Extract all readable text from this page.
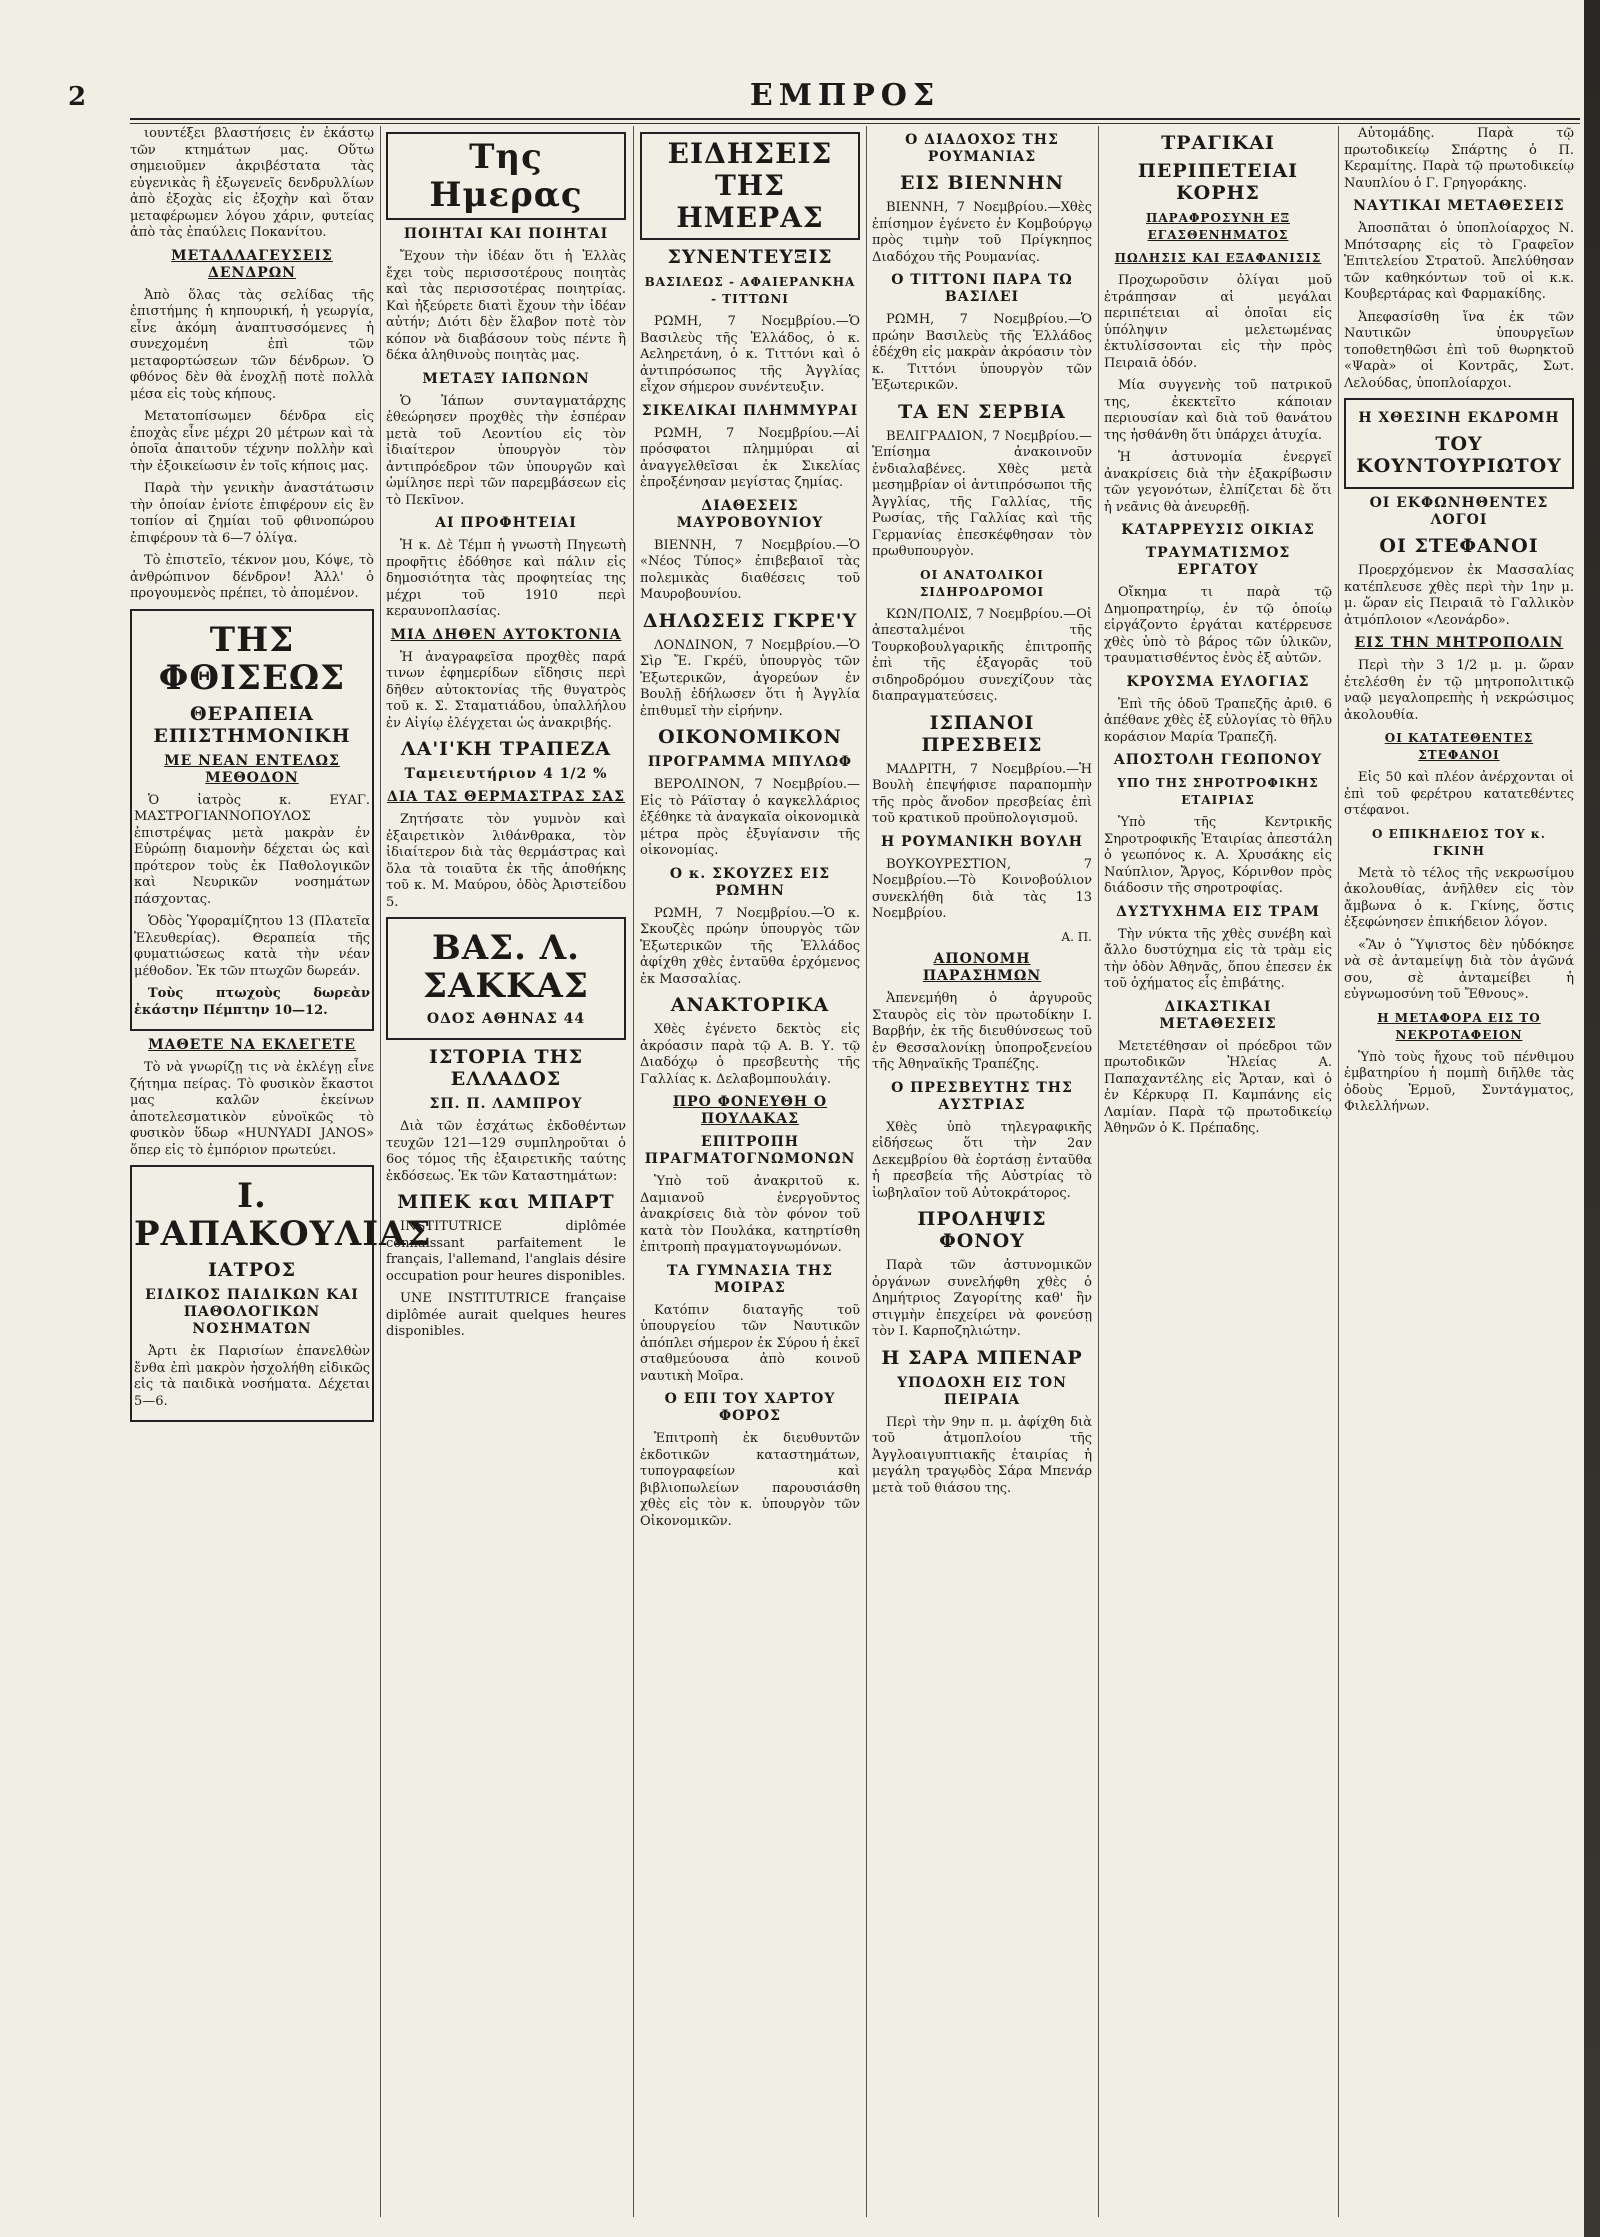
2	ΕΜΠΡΟΣ

ιουντέξει βλαστήσεις ἐν ἑκάστῳ τῶν κτημάτων μας. Οὕτω σημειοῦμεν ἀκριβέστατα τὰς εὐγενικὰς ἢ ἐξωγενεῖς δενδρυλλίων ἀπὸ ἐξοχὰς εἰς ἐξοχὴν καὶ ὅταν μεταφέρωμεν λόγου χάριν, φυτείας ἀπὸ τὰς ἐπαύλεις Ποκανίτου.

ΜΕΤΑΛΛΑΓΕΥΣΕΙΣ ΔΕΝΔΡΩΝ

Ἀπὸ ὅλας τὰς σελίδας τῆς ἐπιστήμης ἡ κηπουρική, ἡ γεωργία, εἶνε ἀκόμη ἀναπτυσσόμενες ἡ συνεχομένη ἐπὶ τῶν μεταφορτώσεων τῶν δένδρων. Ὁ φθόνος δὲν θὰ ἐνοχλῇ ποτὲ πολλὰ μέσα εἰς τοὺς κήπους.

Μετατοπίσωμεν δένδρα εἰς ἐποχὰς εἶνε μέχρι 20 μέτρων καὶ τὰ ὁποῖα ἀπαιτοῦν τέχνην πολλὴν καὶ τὴν ἐξοικείωσιν ἐν τοῖς κήποις μας.

Παρὰ τὴν γενικὴν ἀναστάτωσιν τὴν ὁποίαν ἐνίοτε ἐπιφέρουν εἰς ἓν τοπίον αἱ ζημίαι τοῦ φθινοπώρου ἐπιφέρουν τὰ 6—7 ὀλίγα.

Τὸ ἐπιστεῖο, τέκνον μου, Κόψε, τὸ ἀνθρώπινον δένδρον! Ἀλλ' ὁ προγουμενὸς πρέπει, τὸ ἀπομένον.

ΤΗΣ ΦΘΙΣΕΩΣ
ΘΕΡΑΠΕΙΑ ΕΠΙΣΤΗΜΟΝΙΚΗ
ΜΕ ΝΕΑΝ ΕΝΤΕΛΩΣ ΜΕΘΟΔΟΝ

Ὁ ἰατρὸς κ. ΕΥΑΓ. ΜΑΣΤΡΟΓΙΑΝΝΟΠΟΥΛΟΣ ἐπιστρέψας μετὰ μακρὰν ἐν Εὐρώπῃ διαμονὴν δέχεται ὡς καὶ πρότερον τοὺς ἐκ Παθολογικῶν καὶ Νευρικῶν νοσημάτων πάσχοντας.

Ὁδὸς Ὑφοραμίζητου 13 (Πλατεῖα Ἐλευθερίας). Θεραπεία τῆς φυματιώσεως κατὰ τὴν νέαν μέθοδον. Ἐκ τῶν πτωχῶν δωρεάν.

Τοὺς πτωχοὺς δωρεὰν ἐκάστην Πέμπτην 10—12.

ΜΑΘΕΤΕ ΝΑ ΕΚΛΕΓΕΤΕ

Τὸ νὰ γνωρίζῃ τις νὰ ἐκλέγῃ εἶνε ζήτημα πείρας. Τὸ φυσικὸν ἔκαστοι μας καλῶν ἐκείνων ἀποτελεσματικὸν εὐνοϊκῶς τὸ φυσικὸν ὕδωρ «HUNYADI JANOS» ὅπερ εἰς τὸ ἐμπόριον πρωτεύει.

Ι. ΡΑΠΑΚΟΥΛΙΑΣ
ΙΑΤΡΟΣ
ΕΙΔΙΚΟΣ ΠΑΙΔΙΚΩΝ ΚΑΙ ΠΑΘΟΛΟΓΙΚΩΝ ΝΟΣΗΜΑΤΩΝ

Ἀρτι ἐκ Παρισίων ἐπανελθὼν ἔνθα ἐπὶ μακρὸν ἠσχολήθη εἰδικῶς εἰς τὰ παιδικὰ νοσήματα. Δέχεται 5—6.

Της Ημερας
ΠΟΙΗΤΑΙ ΚΑΙ ΠΟΙΗΤΑΙ

Ἔχουν τὴν ἰδέαν ὅτι ἡ Ἑλλὰς ἔχει τοὺς περισσοτέρους ποιητὰς καὶ τὰς περισσοτέρας ποιητρίας. Καὶ ἠξεύρετε διατὶ ἔχουν τὴν ἰδέαν αὐτήν; Διότι δὲν ἔλαβον ποτὲ τὸν κόπον νὰ διαβάσουν τοὺς πέντε ἢ δέκα ἀληθινοὺς ποιητὰς μας.

ΜΕΤΑΞΥ ΙΑΠΩΝΩΝ

Ὁ Ἰάπων συνταγματάρχης ἐθεώρησεν προχθὲς τὴν ἐσπέραν μετὰ τοῦ Λεοντίου εἰς τὸν ἰδιαίτερον ὑπουργὸν τὸν ἀντιπρόεδρον τῶν ὑπουργῶν καὶ ὡμίλησε περὶ τῶν παρεμβάσεων εἰς τὸ Πεκῖνον.

ΑΙ ΠΡΟΦΗΤΕΙΑΙ

Ἡ κ. Δὲ Τέμπ ἡ γνωστὴ Πηγεωτὴ προφῆτις ἐδόθησε καὶ πάλιν εἰς δημοσιότητα τὰς προφητείας της μέχρι τοῦ 1910 περὶ κεραυνοπλασίας.

ΜΙΑ ΔΗΘΕΝ ΑΥΤΟΚΤΟΝΙΑ

Ἡ ἀναγραφεῖσα προχθὲς παρά τινων ἐφημερίδων εἴδησις περὶ δῆθεν αὐτοκτονίας τῆς θυγατρὸς τοῦ κ. Σ. Σταματιάδου, ὑπαλλήλου ἐν Αἰγίῳ ἐλέγχεται ὡς ἀνακριβής.

ΛΑ'Ι'ΚΗ ΤΡΑΠΕΖΑ
Ταμειευτήριον 4 1/2 %
ΔΙΑ ΤΑΣ ΘΕΡΜΑΣΤΡΑΣ ΣΑΣ

Ζητήσατε τὸν γυμνὸν καὶ ἐξαιρετικὸν λιθάνθρακα, τὸν ἰδιαίτερον διὰ τὰς θερμάστρας καὶ ὅλα τὰ τοιαῦτα ἐκ τῆς ἀποθήκης τοῦ κ. Μ. Μαύρου, ὁδὸς Ἀριστείδου 5.

ΒΑΣ. Λ. ΣΑΚΚΑΣ
ΟΔΟΣ ΑΘΗΝΑΣ 44
ΙΣΤΟΡΙΑ ΤΗΣ ΕΛΛΑΔΟΣ
ΣΠ. Π. ΛΑΜΠΡΟΥ

Διὰ τῶν ἐσχάτως ἐκδοθέντων τευχῶν 121—129 συμπληροῦται ὁ 6ος τόμος τῆς ἐξαιρετικῆς ταύτης ἐκδόσεως. Ἐκ τῶν Καταστημάτων:

ΜΠΕΚ και ΜΠΑΡΤ

INSTITUTRICE diplômée connaissant parfaitement le français, l'allemand, l'anglais désire occupation pour heures disponibles.

UNE INSTITUTRICE française diplômée aurait quelques heures disponibles.

ΕΙΔΗΣΕΙΣ ΤΗΣ ΗΜΕΡΑΣ
ΣΥΝΕΝΤΕΥΞΙΣ
ΒΑΣΙΛΕΩΣ - ΑΦΑΙΕΡΑΝΚΗΑ - ΤΙΤΤΩΝΙ

ΡΩΜΗ, 7 Νοεμβρίου.—Ὁ Βασιλεὺς τῆς Ἑλλάδος, ὁ κ. Αεληρετάνη, ὁ κ. Τιττόνι καὶ ὁ ἀντιπρόσωπος τῆς Ἀγγλίας εἶχον σήμερον συνέντευξιν.

ΣΙΚΕΛΙΚΑΙ ΠΛΗΜΜΥΡΑΙ

ΡΩΜΗ, 7 Νοεμβρίου.—Αἱ πρόσφατοι πλημμύραι αἱ ἀναγγελθεῖσαι ἐκ Σικελίας ἐπροξένησαν μεγίστας ζημίας.

ΔΙΑΘΕΣΕΙΣ ΜΑΥΡΟΒΟΥΝΙΟΥ

ΒΙΕΝΝΗ, 7 Νοεμβρίου.—Ὁ «Νέος Τύπος» ἐπιβεβαιοῖ τὰς πολεμικὰς διαθέσεις τοῦ Μαυροβουνίου.

ΔΗΛΩΣΕΙΣ ΓΚΡΕ'Υ

ΛΟΝΔΙΝΟΝ, 7 Νοεμβρίου.—Ὁ Σὶρ Ἔ. Γκρέϋ, ὑπουργὸς τῶν Ἐξωτερικῶν, ἀγορεύων ἐν Βουλῇ ἐδήλωσεν ὅτι ἡ Ἀγγλία ἐπιθυμεῖ τὴν εἰρήνην.

ΟΙΚΟΝΟΜΙΚΟΝ
ΠΡΟΓΡΑΜΜΑ ΜΠΥΛΩΦ

ΒΕΡΟΛΙΝΟΝ, 7 Νοεμβρίου.—Εἰς τὸ Ράϊσταγ ὁ καγκελλάριος ἐξέθηκε τὰ ἀναγκαῖα οἰκονομικὰ μέτρα πρὸς ἐξυγίανσιν τῆς οἰκονομίας.

Ο κ. ΣΚΟΥΖΕΣ ΕΙΣ ΡΩΜΗΝ

ΡΩΜΗ, 7 Νοεμβρίου.—Ὁ κ. Σκουζὲς πρώην ὑπουργὸς τῶν Ἐξωτερικῶν τῆς Ἑλλάδος ἀφίχθη χθὲς ἐνταῦθα ἐρχόμενος ἐκ Μασσαλίας.

ΑΝΑΚΤΟΡΙΚΑ

Χθὲς ἐγένετο δεκτὸς εἰς ἀκρόασιν παρὰ τῷ Α. Β. Υ. τῷ Διαδόχῳ ὁ πρεσβευτὴς τῆς Γαλλίας κ. Δελαβομπουλάιγ.

ΠΡΟ ΦΟΝΕΥΘΗ Ο ΠΟΥΛΑΚΑΣ
ΕΠΙΤΡΟΠΗ ΠΡΑΓΜΑΤΟΓΝΩΜΟΝΩΝ

Ὑπὸ τοῦ ἀνακριτοῦ κ. Δαμιανοῦ ἐνεργοῦντος ἀνακρίσεις διὰ τὸν φόνον τοῦ κατὰ τὸν Πουλάκα, κατηρτίσθη ἐπιτροπὴ πραγματογνωμόνων.

ΤΑ ΓΥΜΝΑΣΙΑ ΤΗΣ ΜΟΙΡΑΣ

Κατόπιν διαταγῆς τοῦ ὑπουργείου τῶν Ναυτικῶν ἀπόπλει σήμερον ἐκ Σύρου ἡ ἐκεῖ σταθμεύουσα ἀπὸ κοινοῦ ναυτικὴ Μοῖρα.

Ο ΕΠΙ ΤΟΥ ΧΑΡΤΟΥ ΦΟΡΟΣ

Ἐπιτροπὴ ἐκ διευθυντῶν ἐκδοτικῶν καταστημάτων, τυπογραφείων καὶ βιβλιοπωλείων παρουσιάσθη χθὲς εἰς τὸν κ. ὑπουργὸν τῶν Οἰκονομικῶν.

Ο ΔΙΑΔΟΧΟΣ ΤΗΣ ΡΟΥΜΑΝΙΑΣ
ΕΙΣ ΒΙΕΝΝΗΝ

ΒΙΕΝΝΗ, 7 Νοεμβρίου.—Χθὲς ἐπίσημον ἐγένετο ἐν Κομβούργῳ πρὸς τιμὴν τοῦ Πρίγκηπος Διαδόχου τῆς Ρουμανίας.

Ο ΤΙΤΤΟΝΙ ΠΑΡΑ ΤΩ ΒΑΣΙΛΕΙ

ΡΩΜΗ, 7 Νοεμβρίου.—Ὁ πρώην Βασιλεὺς τῆς Ἑλλάδος ἐδέχθη εἰς μακρὰν ἀκρόασιν τὸν κ. Τιττόνι ὑπουργὸν τῶν Ἐξωτερικῶν.

ΤΑ ΕΝ ΣΕΡΒΙΑ

ΒΕΛΙΓΡΑΔΙΟΝ, 7 Νοεμβρίου.—Ἐπίσημα ἀνακοινοῦν ἐνδιαλαβένες. Χθὲς μετὰ μεσημβρίαν οἱ ἀντιπρόσωποι τῆς Ἀγγλίας, τῆς Γαλλίας, τῆς Ρωσίας, τῆς Γαλλίας καὶ τῆς Γερμανίας ἐπεσκέφθησαν τὸν πρωθυπουργὸν.

ΟΙ ΑΝΑΤΟΛΙΚΟΙ ΣΙΔΗΡΟΔΡΟΜΟΙ

ΚΩΝ/ΠΟΛΙΣ, 7 Νοεμβρίου.—Οἱ ἀπεσταλμένοι τῆς Τουρκοβουλγαρικῆς ἐπιτροπῆς ἐπὶ τῆς ἐξαγορᾶς τοῦ σιδηροδρόμου συνεχίζουν τὰς διαπραγματεύσεις.

ΙΣΠΑΝΟΙ ΠΡΕΣΒΕΙΣ

ΜΑΔΡΙΤΗ, 7 Νοεμβρίου.—Ἡ Βουλὴ ἐπεψήφισε παραπομπὴν τῆς πρὸς ἄνοδον πρεσβείας ἐπὶ τοῦ κρατικοῦ προϋπολογισμοῦ.

Η ΡΟΥΜΑΝΙΚΗ ΒΟΥΛΗ

ΒΟΥΚΟΥΡΕΣΤΙΟΝ, 7 Νοεμβρίου.—Τὸ Κοινοβούλιον συνεκλήθη διὰ τὰς 13 Νοεμβρίου.

Α. Π.
ΑΠΟΝΟΜΗ ΠΑΡΑΣΗΜΩΝ

Ἀπενεμήθη ὁ ἀργυροῦς Σταυρὸς εἰς τὸν πρωτοδίκην Ι. Βαρβήν, ἐκ τῆς διευθύνσεως τοῦ ἐν Θεσσαλονίκῃ ὑποπροξενείου τῆς Ἀθηναϊκῆς Τραπέζης.

Ο ΠΡΕΣΒΕΥΤΗΣ ΤΗΣ ΑΥΣΤΡΙΑΣ

Χθὲς ὑπὸ τηλεγραφικῆς εἰδήσεως ὅτι τὴν 2αν Δεκεμβρίου θὰ ἐορτάσῃ ἐνταῦθα ἡ πρεσβεία τῆς Αὐστρίας τὸ ἰωβηλαῖον τοῦ Αὐτοκράτορος.

ΠΡΟΛΗΨΙΣ ΦΟΝΟΥ

Παρὰ τῶν ἀστυνομικῶν ὀργάνων συνελήφθη χθὲς ὁ Δημήτριος Ζαγορίτης καθ' ἣν στιγμὴν ἐπεχείρει νὰ φονεύσῃ τὸν Ι. Καρποζηλιώτην.

Η ΣΑΡΑ ΜΠΕΝΑΡ
ΥΠΟΔΟΧΗ ΕΙΣ ΤΟΝ ΠΕΙΡΑΙΑ

Περὶ τὴν 9ην π. μ. ἀφίχθη διὰ τοῦ ἀτμοπλοίου τῆς Ἀγγλοαιγυπτιακῆς ἑταιρίας ἡ μεγάλη τραγῳδὸς Σάρα Μπενάρ μετὰ τοῦ θιάσου της.

ΤΡΑΓΙΚΑΙ
ΠΕΡΙΠΕΤΕΙΑΙ ΚΟΡΗΣ
ΠΑΡΑΦΡΟΣΥΝΗ ΕΞ ΕΓΑΣΘΕΝΗΜΑΤΟΣ
ΠΩΛΗΣΙΣ ΚΑΙ ΕΞΑΦΑΝΙΣΙΣ

Προχωροῦσιν ὀλίγαι μοῦ ἐτράπησαν αἱ μεγάλαι περιπέτειαι αἱ ὁποῖαι εἰς ὑπόληψιν μελετωμένας ἐκτυλίσσονται εἰς τὴν πρὸς Πειραιᾶ ὁδόν.

Μία συγγενὴς τοῦ πατρικοῦ της, ἐκεκτεῖτο κάποιαν περιουσίαν καὶ διὰ τοῦ θανάτου της ἠσθάνθη ὅτι ὑπάρχει ἀτυχία.

Ἡ ἀστυνομία ἐνεργεῖ ἀνακρίσεις διὰ τὴν ἐξακρίβωσιν τῶν γεγονότων, ἐλπίζεται δὲ ὅτι ἡ νεᾶνις θὰ ἀνευρεθῇ.

ΚΑΤΑΡΡΕΥΣΙΣ ΟΙΚΙΑΣ
ΤΡΑΥΜΑΤΙΣΜΟΣ ΕΡΓΑΤΟΥ

Οἴκημα τι παρὰ τῷ Δημοπρατηρίῳ, ἐν τῷ ὁποίῳ εἰργάζοντο ἐργάται κατέρρευσε χθὲς ὑπὸ τὸ βάρος τῶν ὑλικῶν, τραυματισθέντος ἑνὸς ἐξ αὐτῶν.

ΚΡΟΥΣΜΑ ΕΥΛΟΓΙΑΣ

Ἐπὶ τῆς ὁδοῦ Τραπεζῆς ἀριθ. 6 ἀπέθανε χθὲς ἐξ εὐλογίας τὸ θῆλυ κοράσιον Μαρία Τραπεζῆ.

ΑΠΟΣΤΟΛΗ ΓΕΩΠΟΝΟΥ
ΥΠΟ ΤΗΣ ΣΗΡΟΤΡΟΦΙΚΗΣ ΕΤΑΙΡΙΑΣ

Ὑπὸ τῆς Κεντρικῆς Σηροτροφικῆς Ἑταιρίας ἀπεστάλη ὁ γεωπόνος κ. Α. Χρυσάκης εἰς Ναύπλιον, Ἄργος, Κόρινθον πρὸς διάδοσιν τῆς σηροτροφίας.

ΔΥΣΤΥΧΗΜΑ ΕΙΣ ΤΡΑΜ

Τὴν νύκτα τῆς χθὲς συνέβη καὶ ἄλλο δυστύχημα εἰς τὰ τρὰμ εἰς τὴν ὁδὸν Ἀθηνᾶς, ὅπου ἐπεσεν ἐκ τοῦ ὀχήματος εἷς ἐπιβάτης.

ΔΙΚΑΣΤΙΚΑΙ ΜΕΤΑΘΕΣΕΙΣ

Μετετέθησαν οἱ πρόεδροι τῶν πρωτοδικῶν Ἠλείας Α. Παπαχαντέλης εἰς Ἄρταν, καὶ ὁ ἐν Κέρκυρᾳ Π. Καμπάνης εἰς Λαμίαν. Παρὰ τῷ πρωτοδικείῳ Ἀθηνῶν ὁ Κ. Πρέπαδης.

Αὐτομάδης. Παρὰ τῷ πρωτοδικείῳ Σπάρτης ὁ Π. Κεραμίτης. Παρὰ τῷ πρωτοδικείῳ Ναυπλίου ὁ Γ. Γρηγοράκης.

ΝΑΥΤΙΚΑΙ ΜΕΤΑΘΕΣΕΙΣ

Ἀποσπᾶται ὁ ὑποπλοίαρχος Ν. Μπότσαρης εἰς τὸ Γραφεῖον Ἐπιτελείου Στρατοῦ. Ἀπελύθησαν τῶν καθηκόντων τοῦ οἱ κ.κ. Κουβερτάρας καὶ Φαρμακίδης.

Ἀπεφασίσθη ἵνα ἐκ τῶν Ναυτικῶν ὑπουργεῖων τοποθετηθῶσι ἐπὶ τοῦ θωρηκτοῦ «Ψαρὰ» οἱ Κοντρᾶς, Σωτ. Λελούδας, ὑποπλοίαρχοι.

Η ΧΘΕΣΙΝΗ ΕΚΔΡΟΜΗ
ΤΟΥ ΚΟΥΝΤΟΥΡΙΩΤΟΥ
ΟΙ ΕΚΦΩΝΗΘΕΝΤΕΣ ΛΟΓΟΙ
ΟΙ ΣΤΕΦΑΝΟΙ

Προερχόμενον ἐκ Μασσαλίας κατέπλευσε χθὲς περὶ τὴν 1ην μ. μ. ὥραν εἰς Πειραιᾶ τὸ Γαλλικὸν ἀτμόπλοιον «Λεονάρδο».

ΕΙΣ ΤΗΝ ΜΗΤΡΟΠΟΛΙΝ

Περὶ τὴν 3 1/2 μ. μ. ὥραν ἐτελέσθη ἐν τῷ μητροπολιτικῷ ναῷ μεγαλοπρεπὴς ἡ νεκρώσιμος ἀκολουθία.

ΟΙ ΚΑΤΑΤΕΘΕΝΤΕΣ ΣΤΕΦΑΝΟΙ

Εἰς 50 καὶ πλέον ἀνέρχονται οἱ ἐπὶ τοῦ φερέτρου κατατεθέντες στέφανοι.

Ο ΕΠΙΚΗΔΕΙΟΣ ΤΟΥ κ. ΓΚΙΝΗ

Μετὰ τὸ τέλος τῆς νεκρωσίμου ἀκολουθίας, ἀνῆλθεν εἰς τὸν ἄμβωνα ὁ κ. Γκίνης, ὅστις ἐξεφώνησεν ἐπικήδειον λόγον.

«Ἂν ὁ Ὕψιστος δὲν ηὐδόκησε νὰ σὲ ἀνταμείψῃ διὰ τὸν ἀγῶνά σου, σὲ ἀνταμείβει ἡ εὐγνωμοσύνη τοῦ Ἔθνους».

Η ΜΕΤΑΦΟΡΑ ΕΙΣ ΤΟ ΝΕΚΡΟΤΑΦΕΙΟΝ

Ὑπὸ τοὺς ἤχους τοῦ πένθιμου ἐμβατηρίου ἡ πομπὴ διῆλθε τὰς ὁδοὺς Ἑρμοῦ, Συντάγματος, Φιλελλήνων.
